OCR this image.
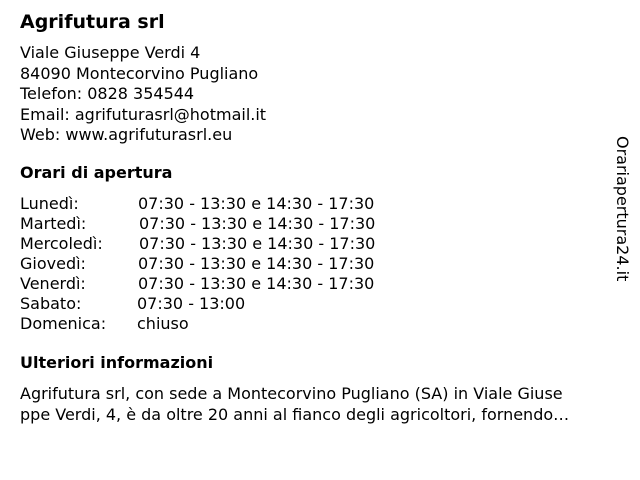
Agrifutura srl
Viale Giuseppe Verdi 4
84090 Montecorvino Pugliano
Telefon: 0828 354544
Email: agrifuturasrl@hotmail.it
Web: www.agrifuturasrl.eu
Orari di apertura
Lunedì:	07:30 - 13:30 e 14:30 - 17:30
Martedì:	07:30 - 13:30 e 14:30 - 17:30
Mercoledì: 07:30 - 13:30 e 14:30 - 17:30
Giovedì:	07:30 - 13:30 e 14:30 - 17:30
Venerdì:	07:30 - 13:30 e 14:30 - 17:30
Sabato:	07:30 - 13:00
Domenica: chiuso
Ulteriori informazioni
Agrifutura srl, con sede a Montecorvino Pugliano (SA) in Viale Giuse
ppe Verdi, 4, è da oltre 20 anni al fianco degli agricoltori, fornendo…
Orariapertura24.it
